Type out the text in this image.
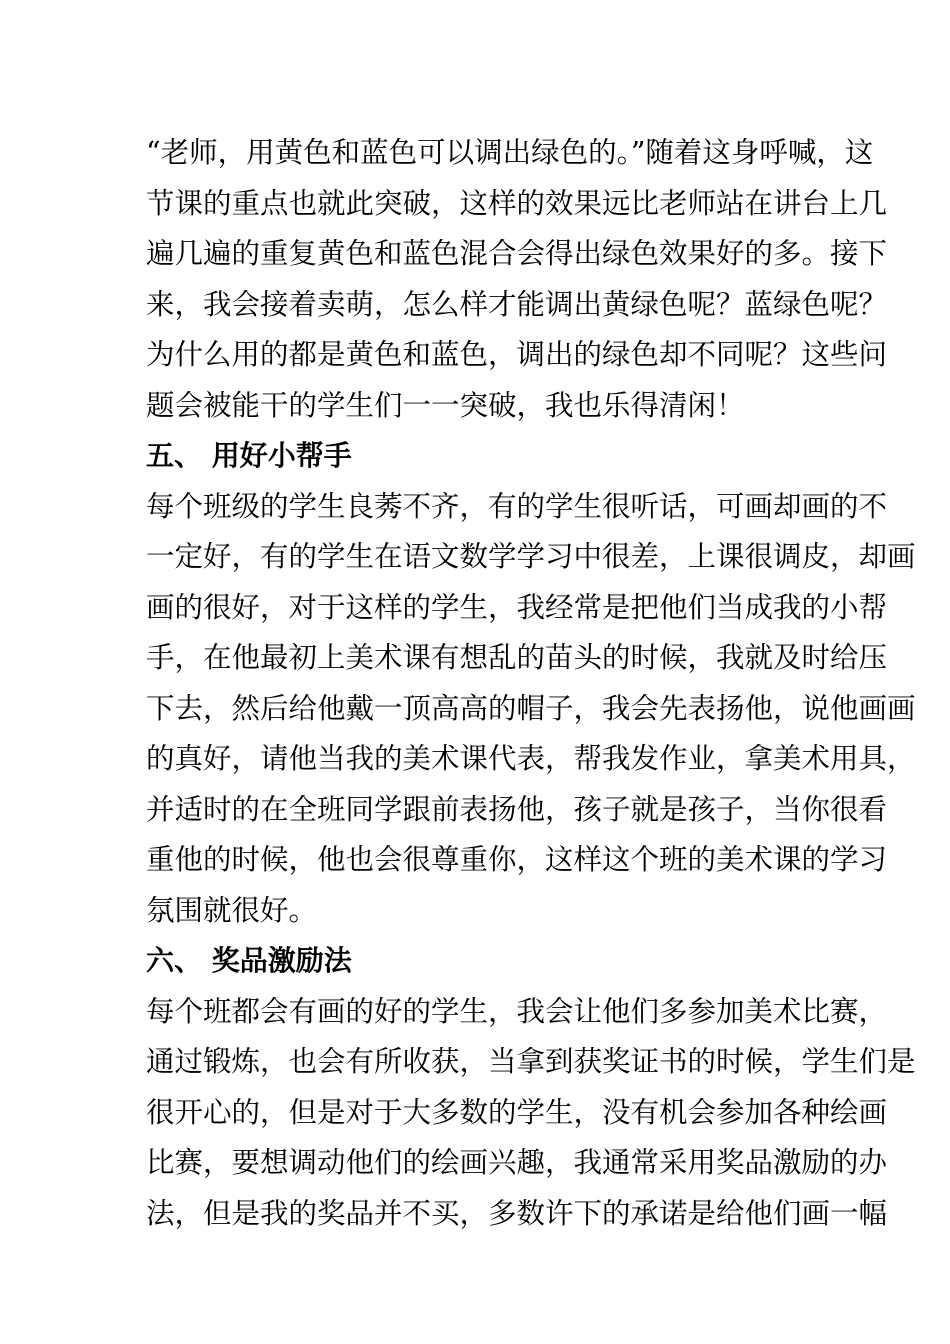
“老师，用黄色和蓝色可以调出绿色的。”随着这身呼喊，这
节课的重点也就此突破，这样的效果远比老师站在讲台上几
遍几遍的重复黄色和蓝色混合会得出绿色效果好的多。接下
来，我会接着卖萌，怎么样才能调出黄绿色呢？蓝绿色呢？
为什么用的都是黄色和蓝色，调出的绿色却不同呢？这些问
题会被能干的学生们一一突破，我也乐得清闲！
五、 用好小帮手
每个班级的学生良莠不齐，有的学生很听话，可画却画的不
一定好，有的学生在语文数学学习中很差，上课很调皮，却画
画的很好，对于这样的学生，我经常是把他们当成我的小帮
手，在他最初上美术课有想乱的苗头的时候，我就及时给压
下去，然后给他戴一顶高高的帽子，我会先表扬他，说他画画
的真好，请他当我的美术课代表，帮我发作业，拿美术用具，
并适时的在全班同学跟前表扬他，孩子就是孩子，当你很看
重他的时候，他也会很尊重你，这样这个班的美术课的学习
氛围就很好。
六、 奖品激励法
每个班都会有画的好的学生，我会让他们多参加美术比赛，
通过锻炼，也会有所收获，当拿到获奖证书的时候，学生们是
很开心的，但是对于大多数的学生，没有机会参加各种绘画
比赛，要想调动他们的绘画兴趣，我通常采用奖品激励的办
法，但是我的奖品并不买，多数许下的承诺是给他们画一幅
